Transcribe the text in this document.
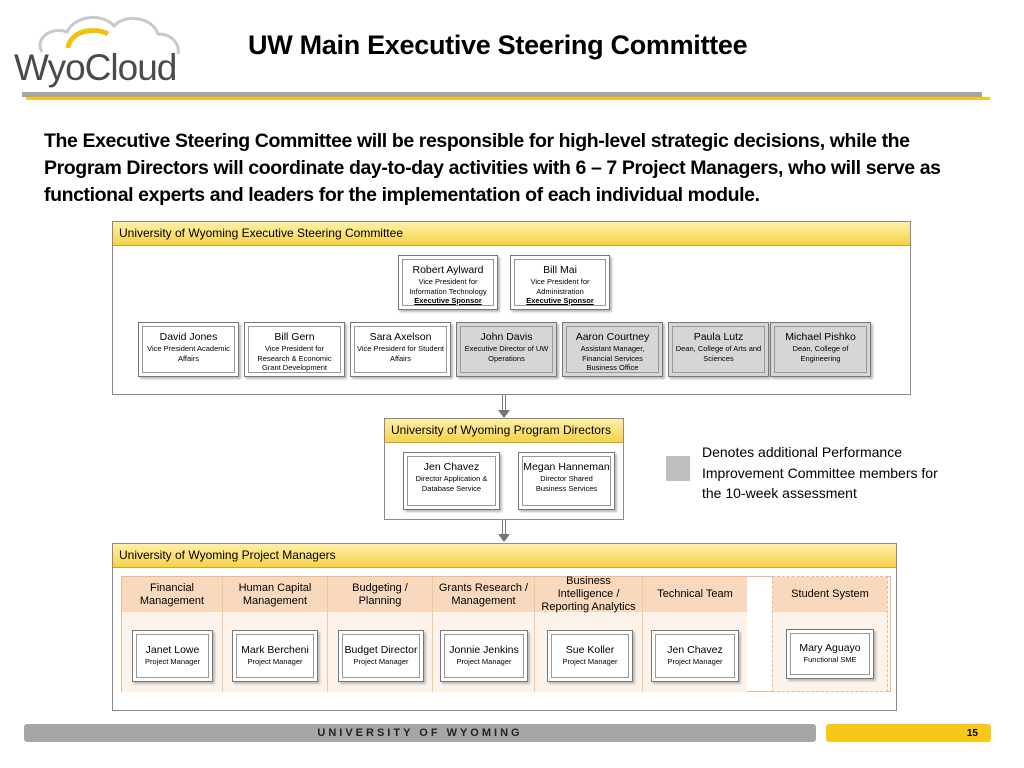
WyoCloud
UW Main Executive Steering Committee
The Executive Steering Committee will be responsible for high-level strategic decisions, while the Program Directors will coordinate day-to-day activities with 6 – 7 Project Managers, who will serve as functional experts and leaders for the implementation of each individual module.
University of Wyoming Executive Steering Committee
Robert Aylward
Vice President for Information Technology
Executive Sponsor
Bill Mai
Vice President for Administration
Executive Sponsor
David Jones
Vice President Academic Affairs
Bill Gern
Vice President for Research & Economic Grant Development
Sara Axelson
Vice President for Student Affairs
John Davis
Executive Director of UW Operations
Aaron Courtney
Assistant Manager, Financial Services Business Office
Paula Lutz
Dean, College of Arts and Sciences
Michael Pishko
Dean, College of Engineering
University of Wyoming Program Directors
Jen Chavez
Director Application & Database Service
Megan Hanneman
Director Shared Business Services
Denotes additional Performance Improvement Committee members for the 10-week assessment
University of Wyoming Project Managers
Financial Management
Janet Lowe
Project Manager
Human Capital Management
Mark Bercheni
Project Manager
Budgeting / Planning
Budget Director
Project Manager
Grants Research / Management
Jonnie Jenkins
Project Manager
Business Intelligence / Reporting Analytics
Sue Koller
Project Manager
Technical Team
Jen Chavez
Project Manager
Student System
Mary Aguayo
Functional SME
UNIVERSITY OF WYOMING	15
